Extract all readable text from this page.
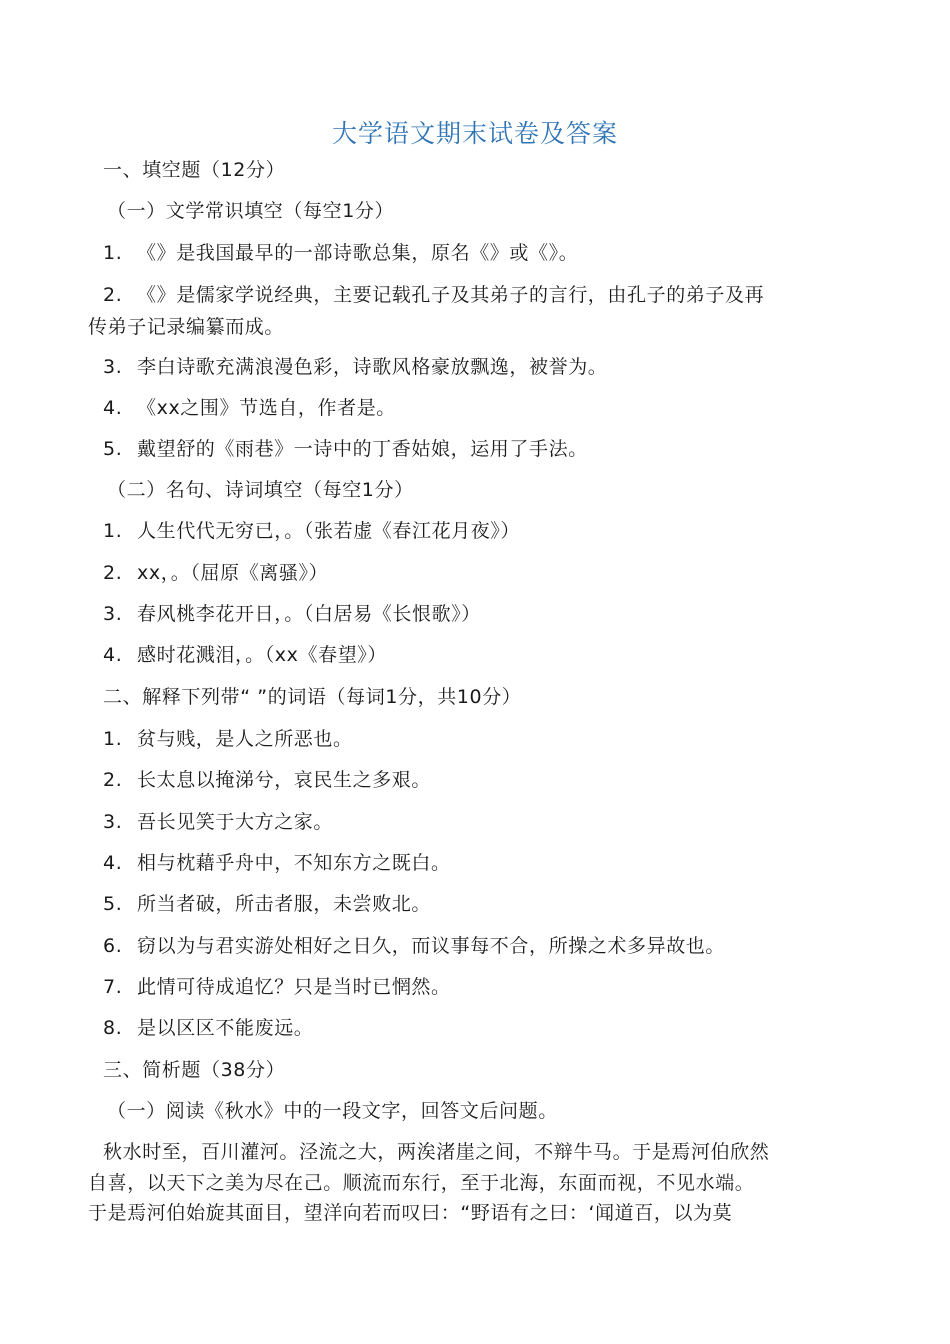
大学语文期末试卷及答案
一、填空题（12分）
（一）文学常识填空（每空1分）
1. 《》是我国最早的一部诗歌总集，原名《》或《》。
2. 《》是儒家学说经典，主要记载孔子及其弟子的言行，由孔子的弟子及再
传弟子记录编纂而成。
3. 李白诗歌充满浪漫色彩，诗歌风格豪放飘逸，被誉为。
4. 《xx之围》节选自，作者是。
5. 戴望舒的《雨巷》一诗中的丁香姑娘，运用了手法。
（二）名句、诗词填空（每空1分）
1. 人生代代无穷已，。（张若虚《春江花月夜》）
2. xx，。（屈原《离骚》）
3. 春风桃李花开日，。（白居易《长恨歌》）
4. 感时花溅泪，。（xx《春望》）
二、解释下列带“ ”的词语（每词1分，共10分）
1. 贫与贱，是人之所恶也。
2. 长太息以掩涕兮，哀民生之多艰。
3. 吾长见笑于大方之家。
4. 相与枕藉乎舟中，不知东方之既白。
5. 所当者破，所击者服，未尝败北。
6. 窃以为与君实游处相好之日久，而议事每不合，所操之术多异故也。
7. 此情可待成追忆？只是当时已惘然。
8. 是以区区不能废远。
三、简析题（38分）
（一）阅读《秋水》中的一段文字，回答文后问题。
秋水时至，百川灌河。泾流之大，两涘渚崖之间，不辩牛马。于是焉河伯欣然
自喜，以天下之美为尽在己。顺流而东行，至于北海，东面而视，不见水端。
于是焉河伯始旋其面目，望洋向若而叹曰：“野语有之曰：‘闻道百，以为莫
